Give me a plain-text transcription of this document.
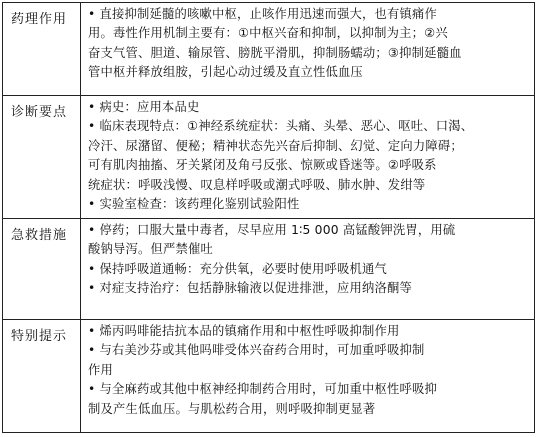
药理作用	• 直接抑制延髓的咳嗽中枢，止咳作用迅速而强大，也有镇痛作
用。毒性作用机制主要有：①中枢兴奋和抑制，以抑制为主；②兴
奋支气管、胆道、输尿管、膀胱平滑肌，抑制肠蠕动；③抑制延髓血
管中枢并释放组胺，引起心动过缓及直立性低血压
诊断要点	• 病史：应用本品史
• 临床表现特点：①神经系统症状：头痛、头晕、恶心、呕吐、口渴、
冷汗、尿潴留、便秘；精神状态先兴奋后抑制、幻觉、定向力障碍；
可有肌肉抽搐、牙关紧闭及角弓反张、惊厥或昏迷等。②呼吸系
统症状：呼吸浅慢、叹息样呼吸或潮式呼吸、肺水肿、发绀等
• 实验室检查：该药理化鉴别试验阳性
急救措施	• 停药；口服大量中毒者，尽早应用 1∶5 000 高锰酸钾洗胃，用硫
酸钠导泻。但严禁催吐
• 保持呼吸道通畅：充分供氧，必要时使用呼吸机通气
• 对症支持治疗：包括静脉输液以促进排泄，应用纳洛酮等
特别提示	• 烯丙吗啡能拮抗本品的镇痛作用和中枢性呼吸抑制作用
• 与右美沙芬或其他吗啡受体兴奋药合用时，可加重呼吸抑制
作用
• 与全麻药或其他中枢神经抑制药合用时，可加重中枢性呼吸抑
制及产生低血压。与肌松药合用，则呼吸抑制更显著
